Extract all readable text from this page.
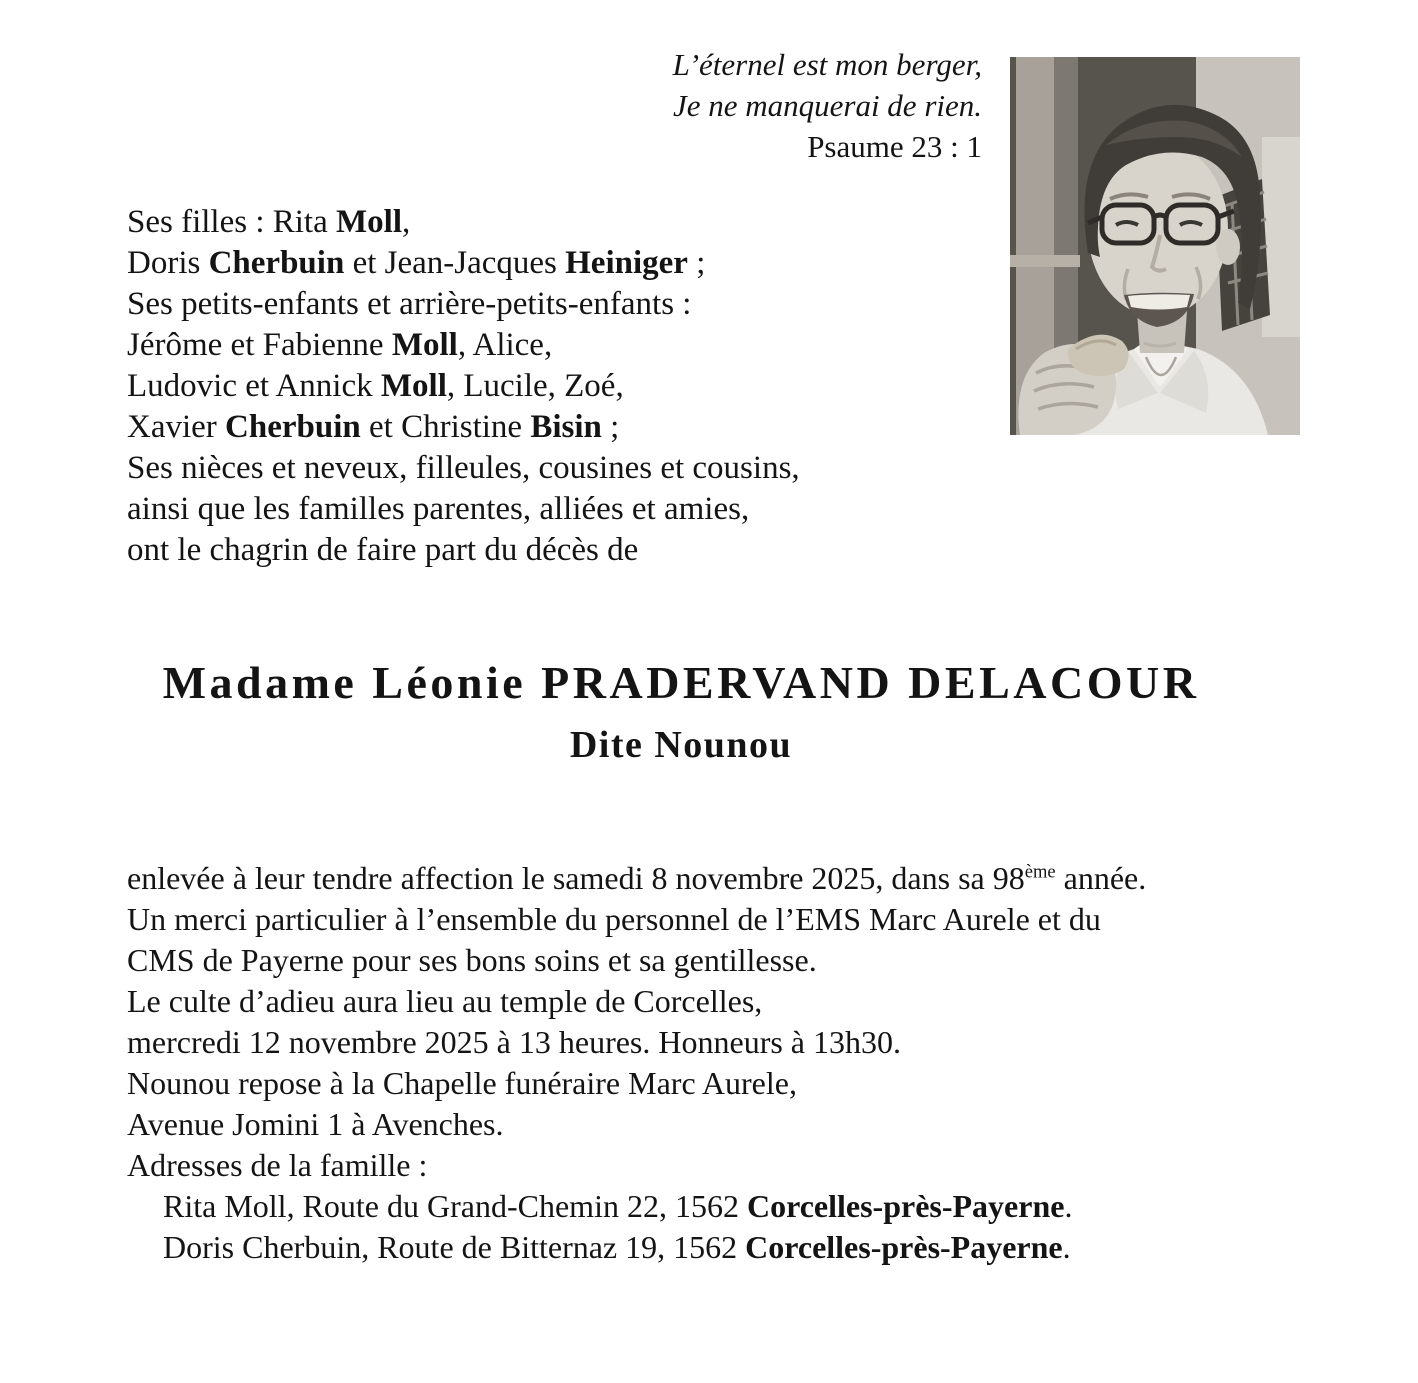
L’éternel est mon berger,
Je ne manquerai de rien.
Psaume 23 : 1
Ses filles : Rita Moll,
Doris Cherbuin et Jean-Jacques Heiniger ;
Ses petits-enfants et arrière-petits-enfants :
Jérôme et Fabienne Moll, Alice,
Ludovic et Annick Moll, Lucile, Zoé,
Xavier Cherbuin et Christine Bisin ;
Ses nièces et neveux, filleules, cousines et cousins,
ainsi que les familles parentes, alliées et amies,
ont le chagrin de faire part du décès de
Madame Léonie PRADERVAND DELACOUR
Dite Nounou
enlevée à leur tendre affection le samedi 8 novembre 2025, dans sa 98ème année.
Un merci particulier à l’ensemble du personnel de l’EMS Marc Aurele et du
CMS de Payerne pour ses bons soins et sa gentillesse.
Le culte d’adieu aura lieu au temple de Corcelles,
mercredi 12 novembre 2025 à 13 heures. Honneurs à 13h30.
Nounou repose à la Chapelle funéraire Marc Aurele,
Avenue Jomini 1 à Avenches.
Adresses de la famille :
Rita Moll, Route du Grand-Chemin 22, 1562 Corcelles-près-Payerne.
Doris Cherbuin, Route de Bitternaz 19, 1562 Corcelles-près-Payerne.
